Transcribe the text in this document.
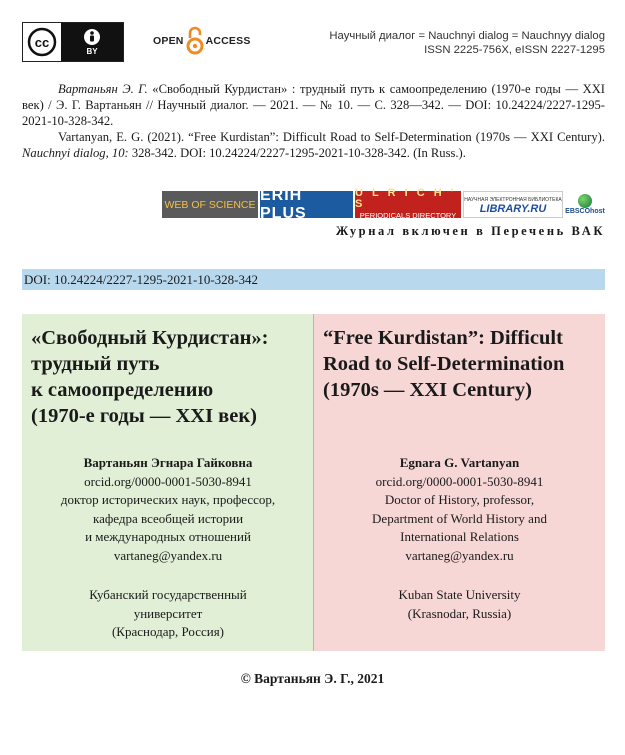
cc
BY
OPEN ACCESS	Научный диалог = Nauchnyi dialog = Nauchnyy dialog
ISSN 2225-756X, eISSN 2227-1295
Вартаньян Э. Г. «Свободный Курдистан» : трудный путь к самоопределению (1970-е годы — XXI век) / Э. Г. Вартаньян // Научный диалог. — 2021. — № 10. — С. 328—342. — DOI: 10.24224/2227-1295-2021-10-328-342.
Vartanyan, E. G. (2021). “Free Kurdistan”: Difficult Road to Self-Determination (1970s — XXI Century). Nauchnyi dialog, 10: 328-342. DOI: 10.24224/2227-1295-2021-10-328-342. (In Russ.).
WEB OF SCIENCE
ERIH PLUS
U L R I C H ' S
PERIODICALS DIRECTORY
НАУЧНАЯ ЭЛЕКТРОННАЯ БИБЛИОТЕКА
LIBRARY.RU	EBSCOhost
Журнал включен в Перечень ВАК
DOI: 10.24224/2227-1295-2021-10-328-342
«Свободный Курдистан»:
трудный путь
к самоопределению
(1970-е годы — XXI век)
“Free Kurdistan”: Difficult
Road to Self-Determination
(1970s — XXI Century)
Вартаньян Эгнара Гайковна
orcid.org/0000-0001-5030-8941
доктор исторических наук, профессор,
кафедра всеобщей истории
и международных отношений
vartaneg@yandex.ru
Кубанский государственный
университет
(Краснодар, Россия)
Egnara G. Vartanyan
orcid.org/0000-0001-5030-8941
Doctor of History, professor,
Department of World History and
International Relations
vartaneg@yandex.ru
Kuban State University
(Krasnodar, Russia)
© Вартаньян Э. Г., 2021
